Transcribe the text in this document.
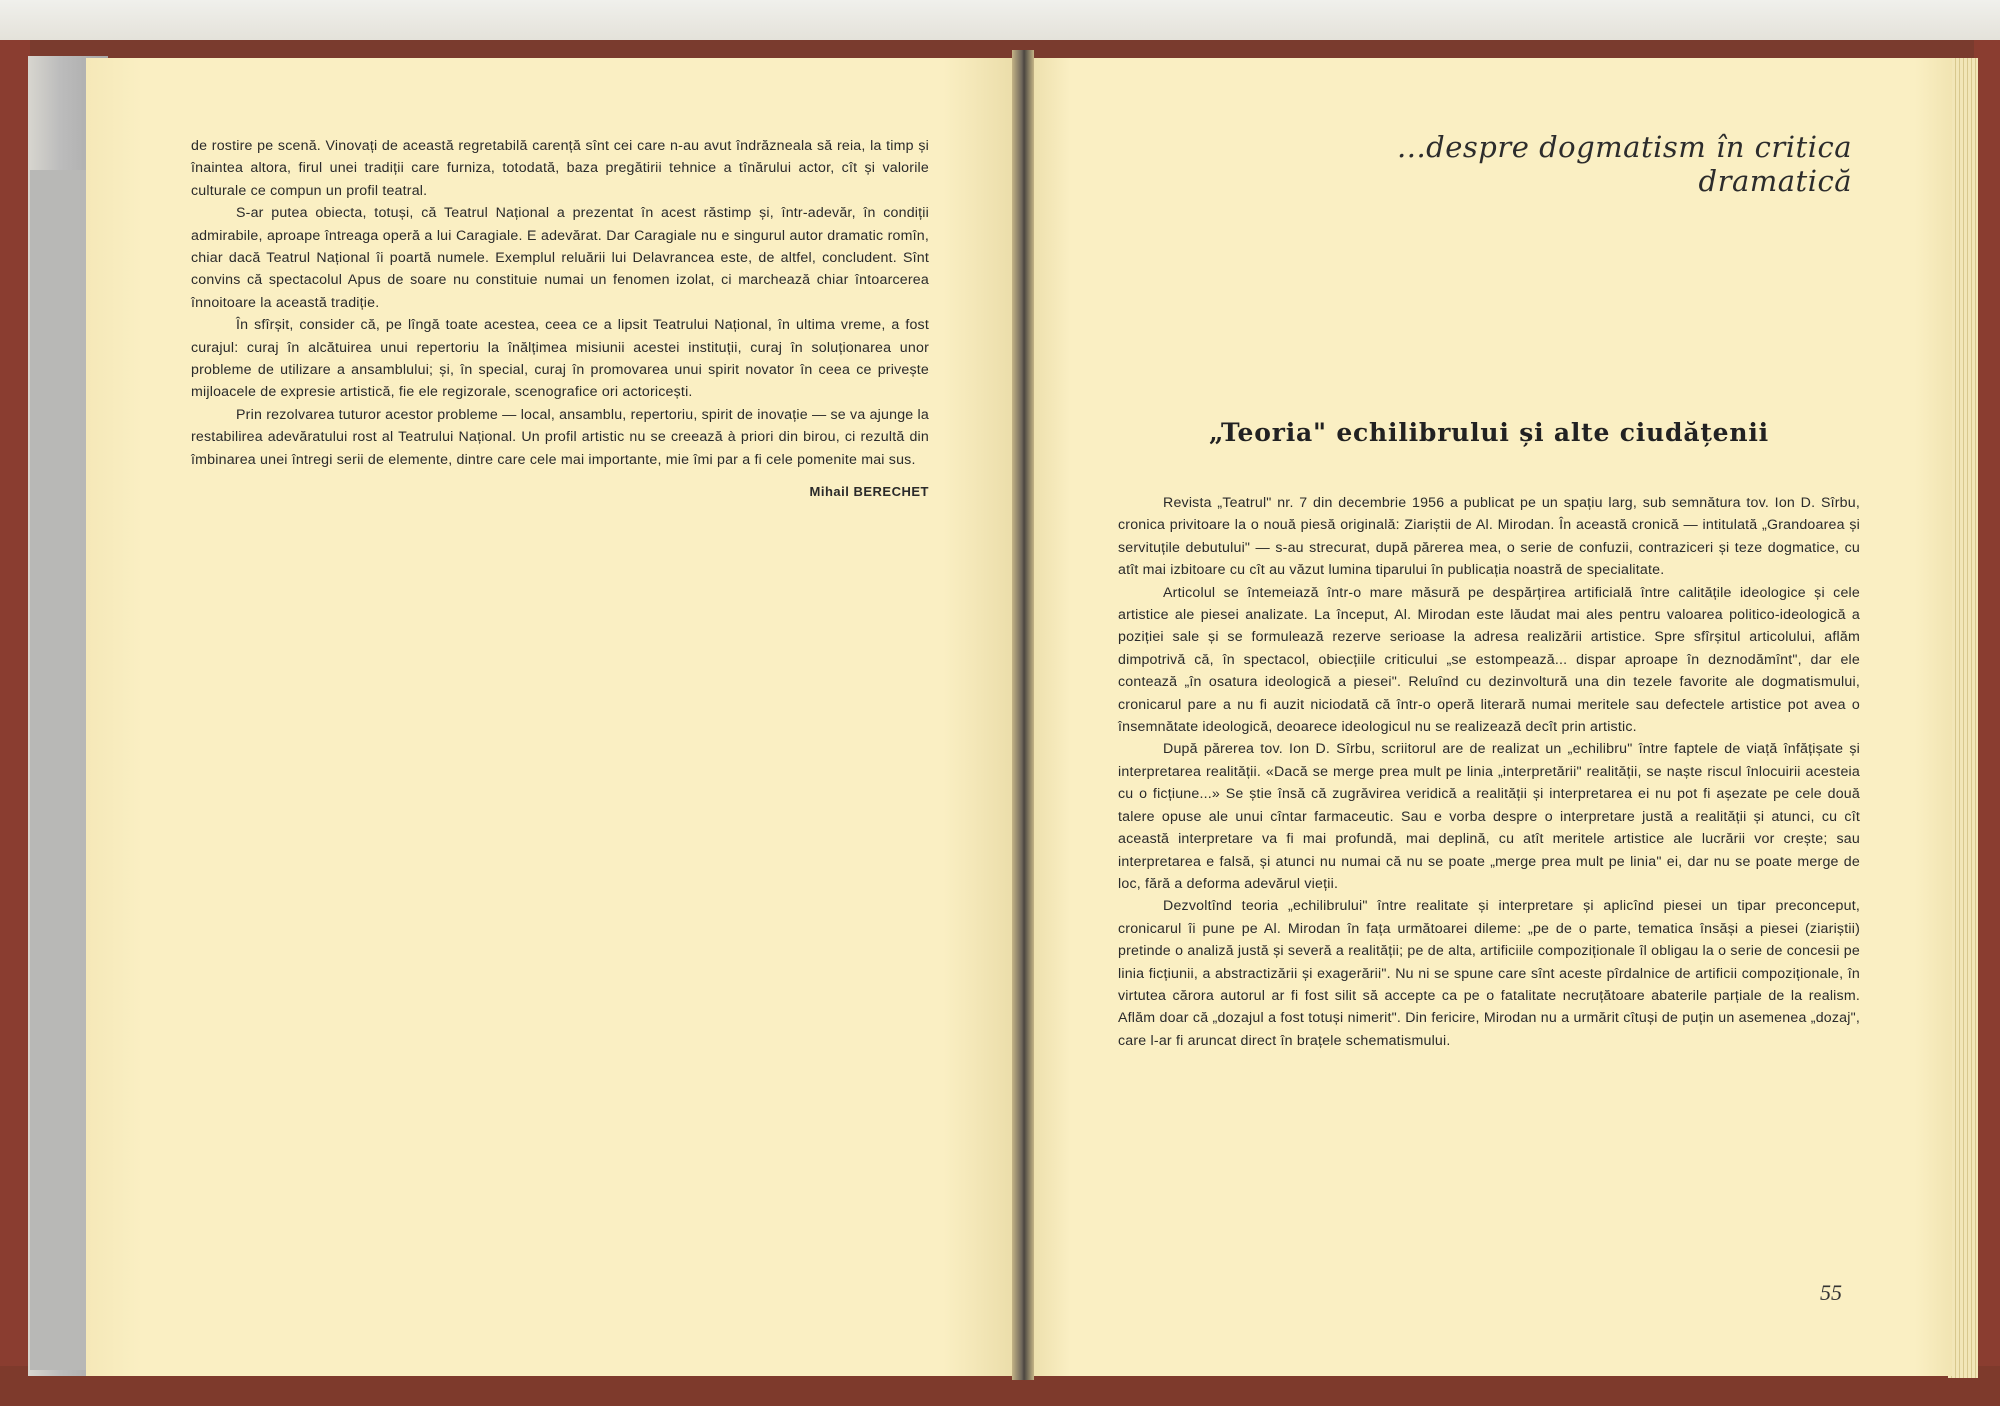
de rostire pe scenă. Vinovați de această regretabilă carență sînt cei care n-au avut îndrăzneala să reia, la timp și înaintea altora, firul unei tradiții care furniza, totodată, baza pregătirii tehnice a tînărului actor, cît și valorile culturale ce compun un profil teatral.

S-ar putea obiecta, totuși, că Teatrul Național a prezentat în acest răstimp și, într-adevăr, în condiții admirabile, aproape întreaga operă a lui Caragiale. E adevărat. Dar Caragiale nu e singurul autor dramatic romîn, chiar dacă Teatrul Național îi poartă numele. Exemplul reluării lui Delavrancea este, de altfel, concludent. Sînt convins că spectacolul Apus de soare nu constituie numai un fenomen izolat, ci marchează chiar întoarcerea înnoitoare la această tradiție.

În sfîrșit, consider că, pe lîngă toate acestea, ceea ce a lipsit Teatrului Național, în ultima vreme, a fost curajul: curaj în alcătuirea unui repertoriu la înălțimea misiunii acestei instituții, curaj în soluționarea unor probleme de utilizare a ansamblului; și, în special, curaj în promovarea unui spirit novator în ceea ce privește mijloacele de expresie artistică, fie ele regizorale, scenografice ori actoricești.

Prin rezolvarea tuturor acestor probleme — local, ansamblu, repertoriu, spirit de inovație — se va ajunge la restabilirea adevăratului rost al Teatrului Național. Un profil artistic nu se creează à priori din birou, ci rezultă din îmbinarea unei întregi serii de elemente, dintre care cele mai importante, mie îmi par a fi cele pomenite mai sus.

Mihail BERECHET
...despre dogmatism în critica dramatică
„Teoria" echilibrului și alte ciudățenii

Revista „Teatrul" nr. 7 din decembrie 1956 a publicat pe un spațiu larg, sub semnătura tov. Ion D. Sîrbu, cronica privitoare la o nouă piesă originală: Ziariștii de Al. Mirodan. În această cronică — intitulată „Grandoarea și servituțile debutului" — s-au strecurat, după părerea mea, o serie de confuzii, contraziceri și teze dogmatice, cu atît mai izbitoare cu cît au văzut lumina tiparului în publicația noastră de specialitate.

Articolul se întemeiază într-o mare măsură pe despărțirea artificială între calitățile ideologice și cele artistice ale piesei analizate. La început, Al. Mirodan este lăudat mai ales pentru valoarea politico-ideologică a poziției sale și se formulează rezerve serioase la adresa realizării artistice. Spre sfîrșitul articolului, aflăm dimpotrivă că, în spectacol, obiecțiile criticului „se estompează... dispar aproape în deznodămînt", dar ele contează „în osatura ideologică a piesei". Reluînd cu dezinvoltură una din tezele favorite ale dogmatismului, cronicarul pare a nu fi auzit niciodată că într-o operă literară numai meritele sau defectele artistice pot avea o însemnătate ideologică, deoarece ideologicul nu se realizează decît prin artistic.

După părerea tov. Ion D. Sîrbu, scriitorul are de realizat un „echilibru" între faptele de viață înfățișate și interpretarea realității. «Dacă se merge prea mult pe linia „interpretării" realității, se naște riscul înlocuirii acesteia cu o ficțiune...» Se știe însă că zugrăvirea veridică a realității și interpretarea ei nu pot fi așezate pe cele două talere opuse ale unui cîntar farmaceutic. Sau e vorba despre o interpretare justă a realității și atunci, cu cît această interpretare va fi mai profundă, mai deplină, cu atît meritele artistice ale lucrării vor crește; sau interpretarea e falsă, și atunci nu numai că nu se poate „merge prea mult pe linia" ei, dar nu se poate merge de loc, fără a deforma adevărul vieții.

Dezvoltînd teoria „echilibrului" între realitate și interpretare și aplicînd piesei un tipar preconceput, cronicarul îi pune pe Al. Mirodan în fața următoarei dileme: „pe de o parte, tematica însăși a piesei (ziariștii) pretinde o analiză justă și severă a realității; pe de alta, artificiile compoziționale îl obligau la o serie de concesii pe linia ficțiunii, a abstractizării și exagerării". Nu ni se spune care sînt aceste pîrdalnice de artificii compoziționale, în virtutea cărora autorul ar fi fost silit să accepte ca pe o fatalitate necruțătoare abaterile parțiale de la realism. Aflăm doar că „dozajul a fost totuși nimerit". Din fericire, Mirodan nu a urmărit cîtuși de puțin un asemenea „dozaj", care l-ar fi aruncat direct în brațele schematismului.

55
